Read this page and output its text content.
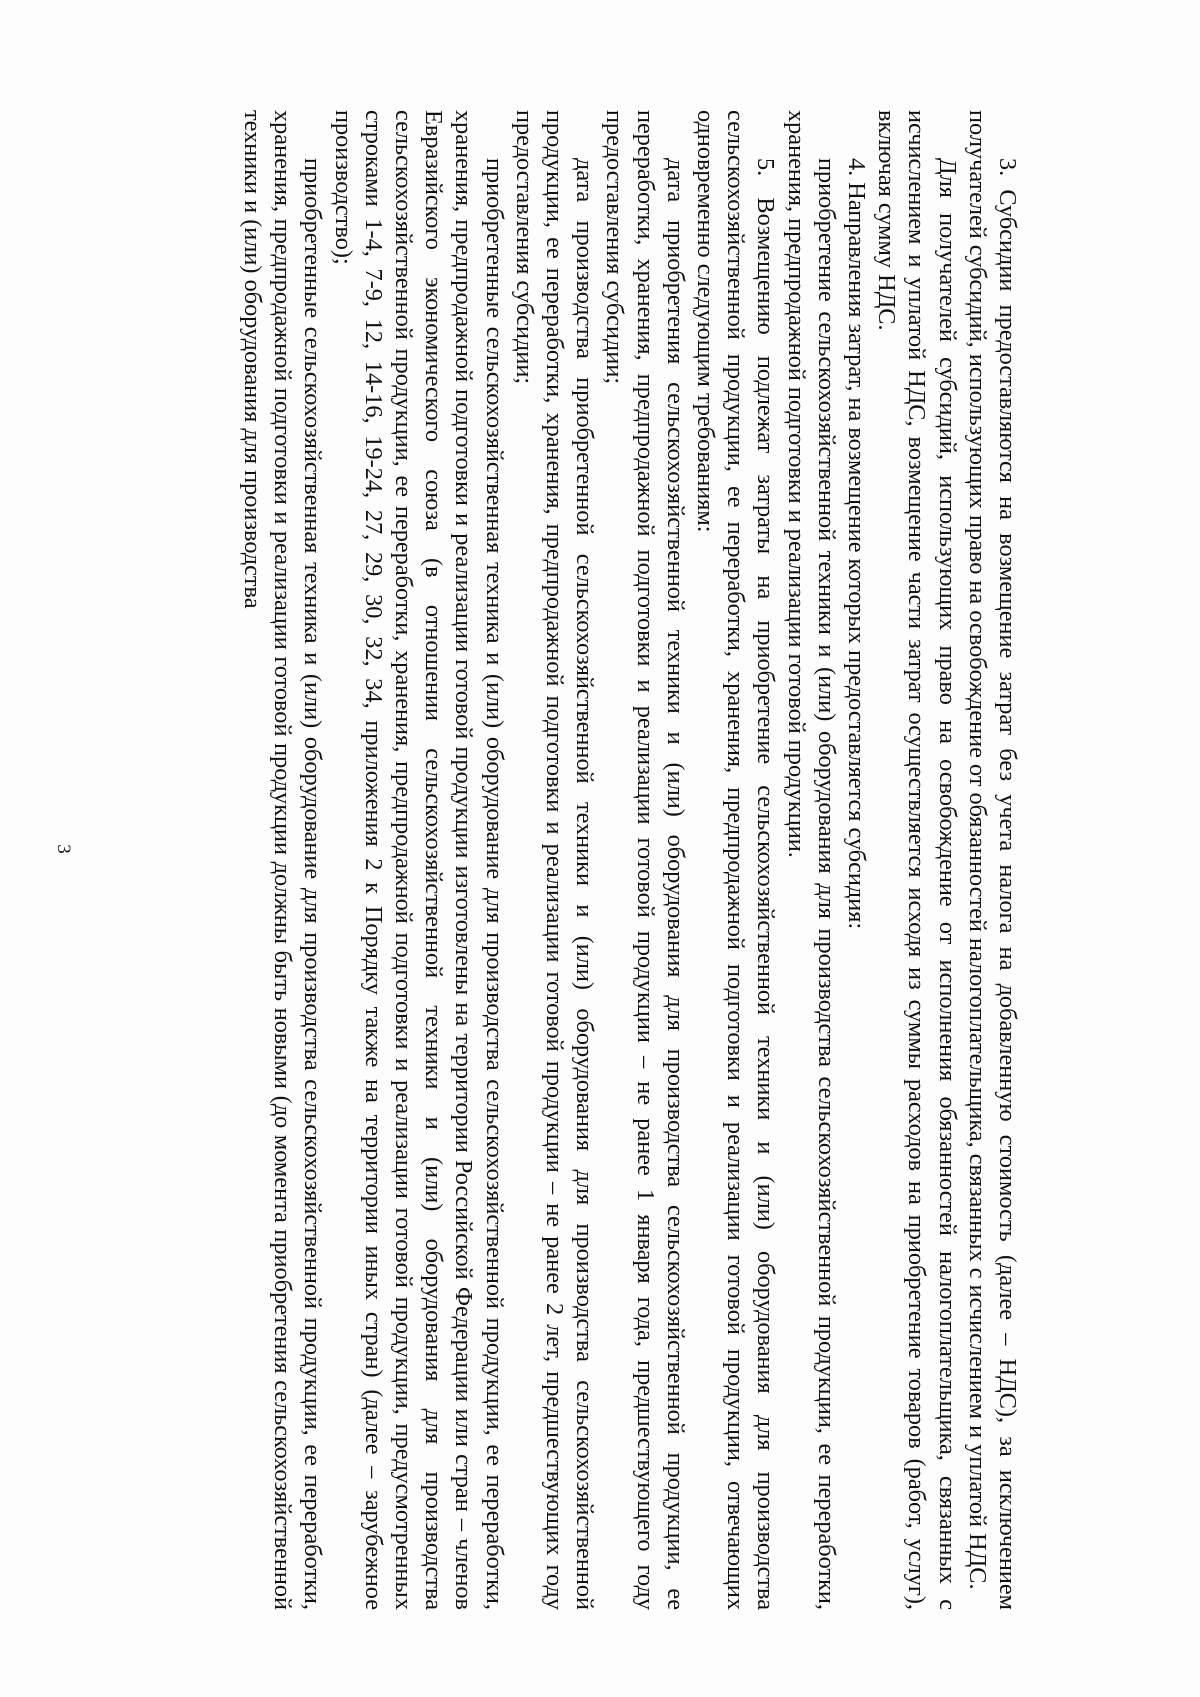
3	3. Субсидии предоставляются на возмещение затрат без учета налога на добавленную стоимость (далее – НДС), за исключением получателей субсидий, использующих право на освобождение от обязанностей налогоплательщика, связанных с исчислением и уплатой НДС.

Для получателей субсидий, использующих право на освобождение от исполнения обязанностей налогоплательщика, связанных с исчислением и уплатой НДС, возмещение части затрат осуществляется исходя из суммы расходов на приобретение товаров (работ, услуг), включая сумму НДС.

4. Направления затрат, на возмещение которых предоставляется субсидия:

приобретение сельскохозяйственной техники и (или) оборудования для производства сельскохозяйственной продукции, ее переработки, хранения, предпродажной подготовки и реализации готовой продукции.

5. Возмещению подлежат затраты на приобретение сельскохозяйственной техники и (или) оборудования для производства сельскохозяйственной продукции, ее переработки, хранения, предпродажной подготовки и реализации готовой продукции, отвечающих одновременно следующим требованиям:

дата приобретения сельскохозяйственной техники и (или) оборудования для производства сельскохозяйственной продукции, ее переработки, хранения, предпродажной подготовки и реализации готовой продукции – не ранее 1 января года, предшествующего году предоставления субсидии;

дата производства приобретенной сельскохозяйственной техники и (или) оборудования для производства сельскохозяйственной продукции, ее переработки, хранения, предпродажной подготовки и реализации готовой продукции – не ранее 2 лет, предшествующих году предоставления субсидии;

приобретенные сельскохозяйственная техника и (или) оборудование для производства сельскохозяйственной продукции, ее переработки, хранения, предпродажной подготовки и реализации готовой продукции изготовлены на территории Российской Федерации или стран – членов Евразийского экономического союза (в отношении сельскохозяйственной техники и (или) оборудования для производства сельскохозяйственной продукции, ее переработки, хранения, предпродажной подготовки и реализации готовой продукции, предусмотренных строками 1-4, 7-9, 12, 14-16, 19-24, 27, 29, 30, 32, 34, приложения 2 к Порядку также на территории иных стран) (далее – зарубежное производство);

приобретенные сельскохозяйственная техника и (или) оборудование для производства сельскохозяйственной продукции, ее переработки, хранения, предпродажной подготовки и реализации готовой продукции должны быть новыми (до момента приобретения сельскохозяйственной техники и (или) оборудования для производства
